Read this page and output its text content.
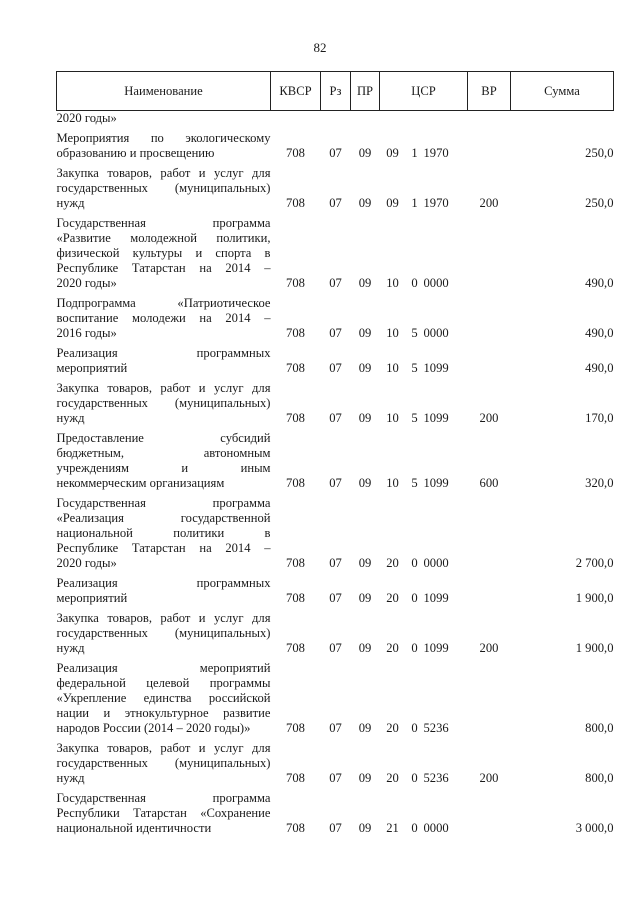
82
Наименование	КВСР	Рз	ПР	ЦСР			ВР	Сумма

2020 годы»								

Мероприятия по экологическому
образованию и просвещению	708	07	09	09	1	1970		250,0

Закупка товаров, работ и услуг для
государственных (муниципальных)
нужд	708	07	09	09	1	1970	200	250,0

Государственная программа
«Развитие молодежной политики,
физической культуры и спорта в
Республике Татарстан на 2014 –
2020 годы»	708	07	09	10	0	0000		490,0

Подпрограмма «Патриотическое
воспитание молодежи на 2014 –
2016 годы»	708	07	09	10	5	0000		490,0

Реализация программных
мероприятий	708	07	09	10	5	1099		490,0

Закупка товаров, работ и услуг для
государственных (муниципальных)
нужд	708	07	09	10	5	1099	200	170,0

Предоставление субсидий
бюджетным, автономным
учреждениям и иным
некоммерческим организациям	708	07	09	10	5	1099	600	320,0

Государственная программа
«Реализация государственной
национальной политики в
Республике Татарстан на 2014 –
2020 годы»	708	07	09	20	0	0000		2 700,0

Реализация программных
мероприятий	708	07	09	20	0	1099		1 900,0

Закупка товаров, работ и услуг для
государственных (муниципальных)
нужд	708	07	09	20	0	1099	200	1 900,0

Реализация мероприятий
федеральной целевой программы
«Укрепление единства российской
нации и этнокультурное развитие
народов России (2014 – 2020 годы)»	708	07	09	20	0	5236		800,0

Закупка товаров, работ и услуг для
государственных (муниципальных)
нужд	708	07	09	20	0	5236	200	800,0

Государственная программа
Республики Татарстан «Сохранение
национальной идентичности	708	07	09	21	0	0000		3 000,0
